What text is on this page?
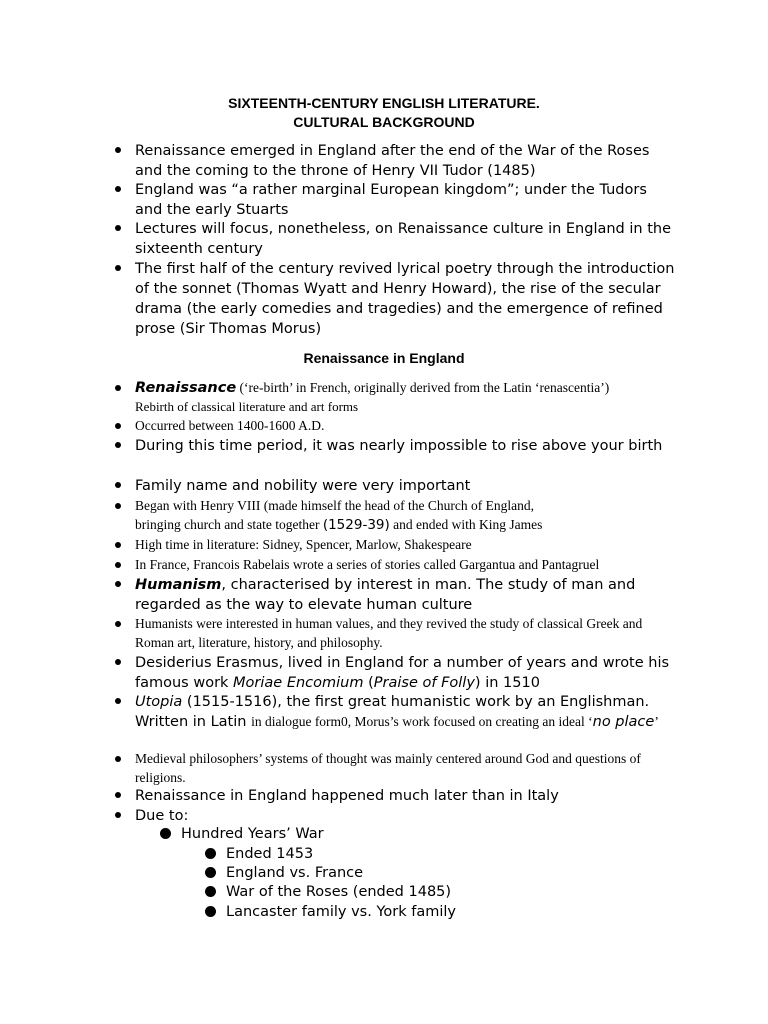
SIXTEENTH-CENTURY ENGLISH LITERATURE.
CULTURAL BACKGROUND
Renaissance emerged in England after the end of the War of the Roses and the coming to the throne of Henry VII Tudor (1485)
England was “a rather marginal European kingdom”; under the Tudors and the early Stuarts
Lectures will focus, nonetheless, on Renaissance culture in England in the sixteenth century
The first half of the century revived lyrical poetry through the introduction of the sonnet (Thomas Wyatt and Henry Howard), the rise of the secular drama (the early comedies and tragedies) and the emergence of refined prose (Sir Thomas Morus)
Renaissance in England
Renaissance (‘re-birth’ in French, originally derived from the Latin ‘renascentia’)
Rebirth of classical literature and art forms
Occurred between 1400-1600 A.D.
During this time period, it was nearly impossible to rise above your birth
Family name and nobility were very important
Began with Henry VIII (made himself the head of the Church of England,
bringing church and state together (1529-39) and ended with King James
High time in literature: Sidney, Spencer, Marlow, Shakespeare
In France, Francois Rabelais wrote a series of stories called Gargantua and Pantagruel
Humanism, characterised by interest in man. The study of man and regarded as the way to elevate human culture
Humanists were interested in human values, and they revived the study of classical Greek and Roman art, literature, history, and philosophy.
Desiderius Erasmus, lived in England for a number of years and wrote his famous work Moriae Encomium (Praise of Folly) in 1510
Utopia (1515-1516), the first great humanistic work by an Englishman. Written in Latin in dialogue form0, Morus’s work focused on creating an ideal ‘no place’
Medieval philosophers’ systems of thought was mainly centered around God and questions of religions.
Renaissance in England happened much later than in Italy
Due to:
Hundred Years’ War
Ended 1453
England vs. France
War of the Roses (ended 1485)
Lancaster family vs. York family
